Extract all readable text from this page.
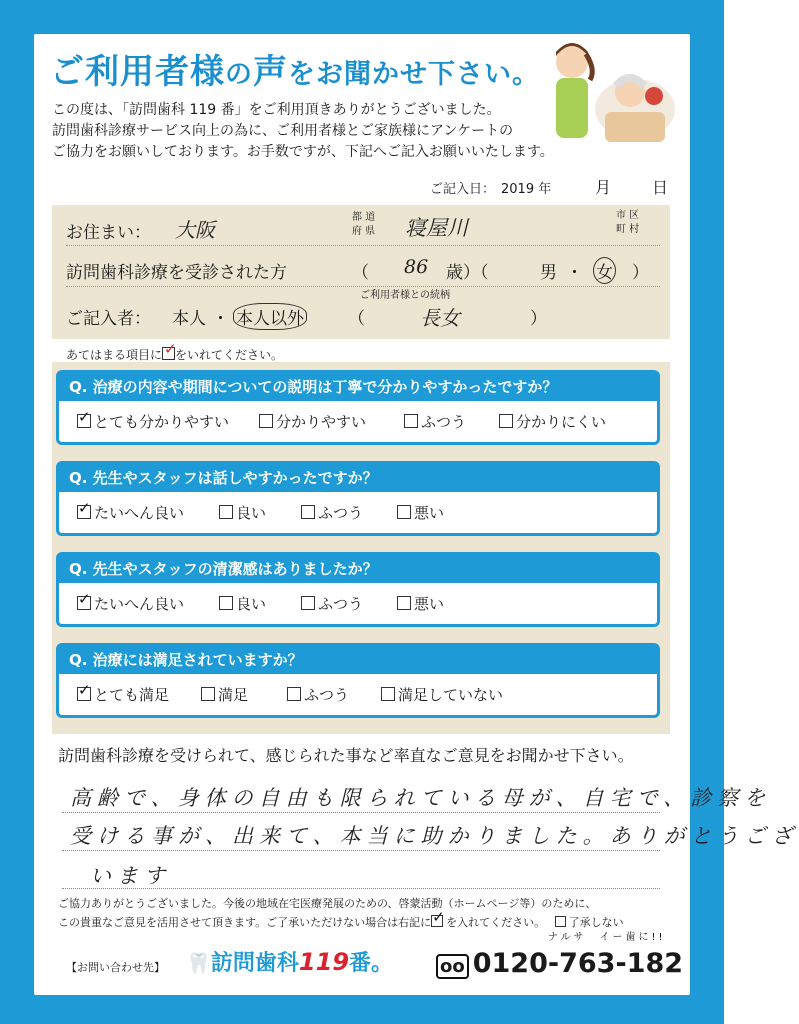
ご利用者様の声をお聞かせ下さい。
この度は、「訪問歯科 119 番」をご利用頂きありがとうございました。
訪問歯科診療サービス向上の為に、ご利用者様とご家族様にアンケートの
ご協力をお願いしております。お手数ですが、下記へご記入お願いいたします。
ご記入日： 2019 年	月	日
お住まい： 大阪
都 道
府 県 寝屋川
市 区
町 村
訪問歯科診療を受診された方	（ 86 歳）（	男 ・ 女 ）
ご記入者： 本人 ・ 本人以外	（
ご利用者様との続柄
長女	）
あてはまる項目に ✓ をいれてください。
Q. 治療の内容や期間についての説明は丁寧で分かりやすかったですか？
✓とても分かりやすい	分かりやすい	ふつう	分かりにくい
Q. 先生やスタッフは話しやすかったですか？
✓たいへん良い	良い	ふつう	悪い
Q. 先生やスタッフの清潔感はありましたか？
✓たいへん良い	良い	ふつう	悪い
Q. 治療には満足されていますか？
✓とても満足	満足	ふつう	満足していない
訪問歯科診療を受けられて、感じられた事など率直なご意見をお聞かせ下さい。
高齢で、身体の自由も限られている母が、自宅で、診察を
受ける事が、出来て、本当に助かりました。ありがとうござ
います
ご協力ありがとうございました。今後の地域在宅医療発展のための、啓蒙活動（ホームページ等）のために、
この貴重なご意見を活用させて頂きます。ご了承いただけない場合は右記に ✓ を入れてください。 了承しない
【お問い合わせ先】 🦷訪問歯科119番。
ナルサ　イー歯に!!
oo 0120-763-182
